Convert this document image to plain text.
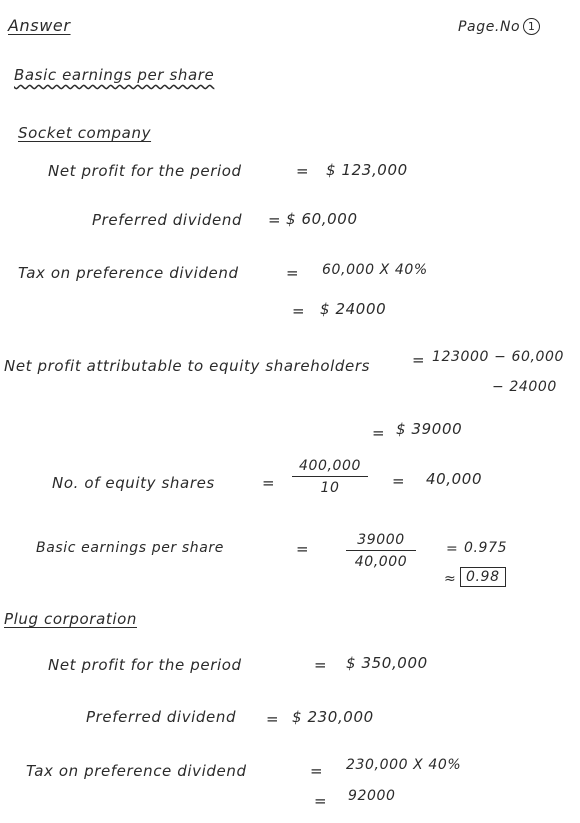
Answer	Page.No 1
Basic earnings per share
Socket company
Net profit for the period	= $ 123,000
Preferred dividend = $ 60,000
Tax on preference dividend	= 60,000 X 40%
= $ 24000
Net profit attributable to equity shareholders	= 123000 − 60,000
− 24000
= $ 39000
No. of equity shares	= $\frac{400,000}{10} = 40,000$
Basic earnings per share	=	$\frac{39000}{40,000} = 0.975$
≈ 0.98
Plug corporation
Net profit for the period	= $ 350,000
Preferred dividend = $ 230,000
Tax on preference dividend	= 230,000 X 40%
= 92000
